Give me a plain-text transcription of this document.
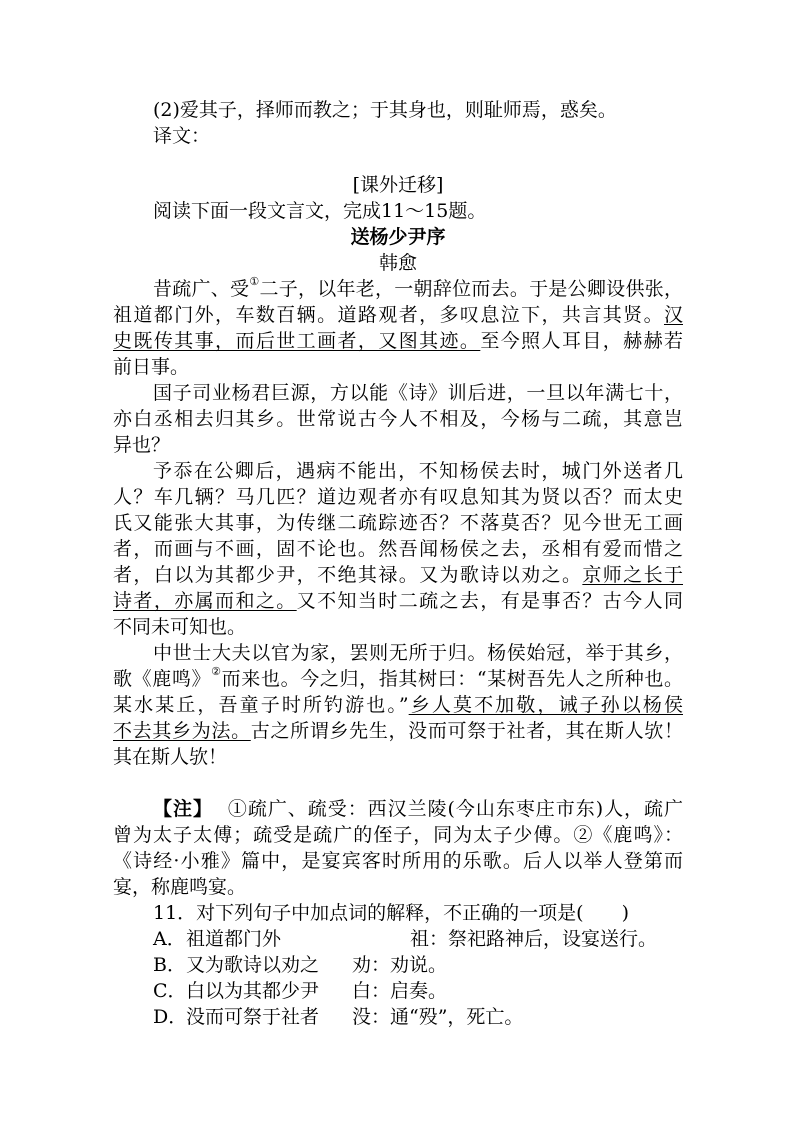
(2)爱其子，择师而教之；于其身也，则耻师焉，惑矣。
译文：
[课外迁移]
阅读下面一段文言文，完成11～15题。
送杨少尹序
韩愈
昔疏广、受①二子，以年老，一朝辞位而去。于是公卿设供张，
祖道都门外，车数百辆。道路观者，多叹息泣下，共言其贤。汉
史既传其事，而后世工画者，又图其迹。至今照人耳目，赫赫若
前日事。
国子司业杨君巨源，方以能《诗》训后进，一旦以年满七十，
亦白丞相去归其乡。世常说古今人不相及，今杨与二疏，其意岂
异也？
予忝在公卿后，遇病不能出，不知杨侯去时，城门外送者几
人？车几辆？马几匹？道边观者亦有叹息知其为贤以否？而太史
氏又能张大其事，为传继二疏踪迹否？不落莫否？见今世无工画
者，而画与不画，固不论也。然吾闻杨侯之去，丞相有爱而惜之
者，白以为其都少尹，不绝其禄。又为歌诗以劝之。京师之长于
诗者，亦属而和之。又不知当时二疏之去，有是事否？古今人同
不同未可知也。
中世士大夫以官为家，罢则无所于归。杨侯始冠，举于其乡，
歌《鹿鸣》②而来也。今之归，指其树曰：“某树吾先人之所种也。
某水某丘，吾童子时所钓游也。”乡人莫不加敬，诫子孙以杨侯
不去其乡为法。古之所谓乡先生，没而可祭于社者，其在斯人欤！
其在斯人欤！
【注】 ①疏广、疏受：西汉兰陵(今山东枣庄市东)人，疏广
曾为太子太傅；疏受是疏广的侄子，同为太子少傅。②《鹿鸣》：
《诗经·小雅》篇中，是宴宾客时所用的乐歌。后人以举人登第而
宴，称鹿鸣宴。
11．对下列句子中加点词的解释，不正确的一项是(　　)
A． 祖道都门外	祖：祭祀路神后，设宴送行。
B． 又为歌诗以劝之 劝：劝说。
C． 白以为其都少尹 白：启奏。
D．
没而可祭于社者 没：通“殁”，死亡。
